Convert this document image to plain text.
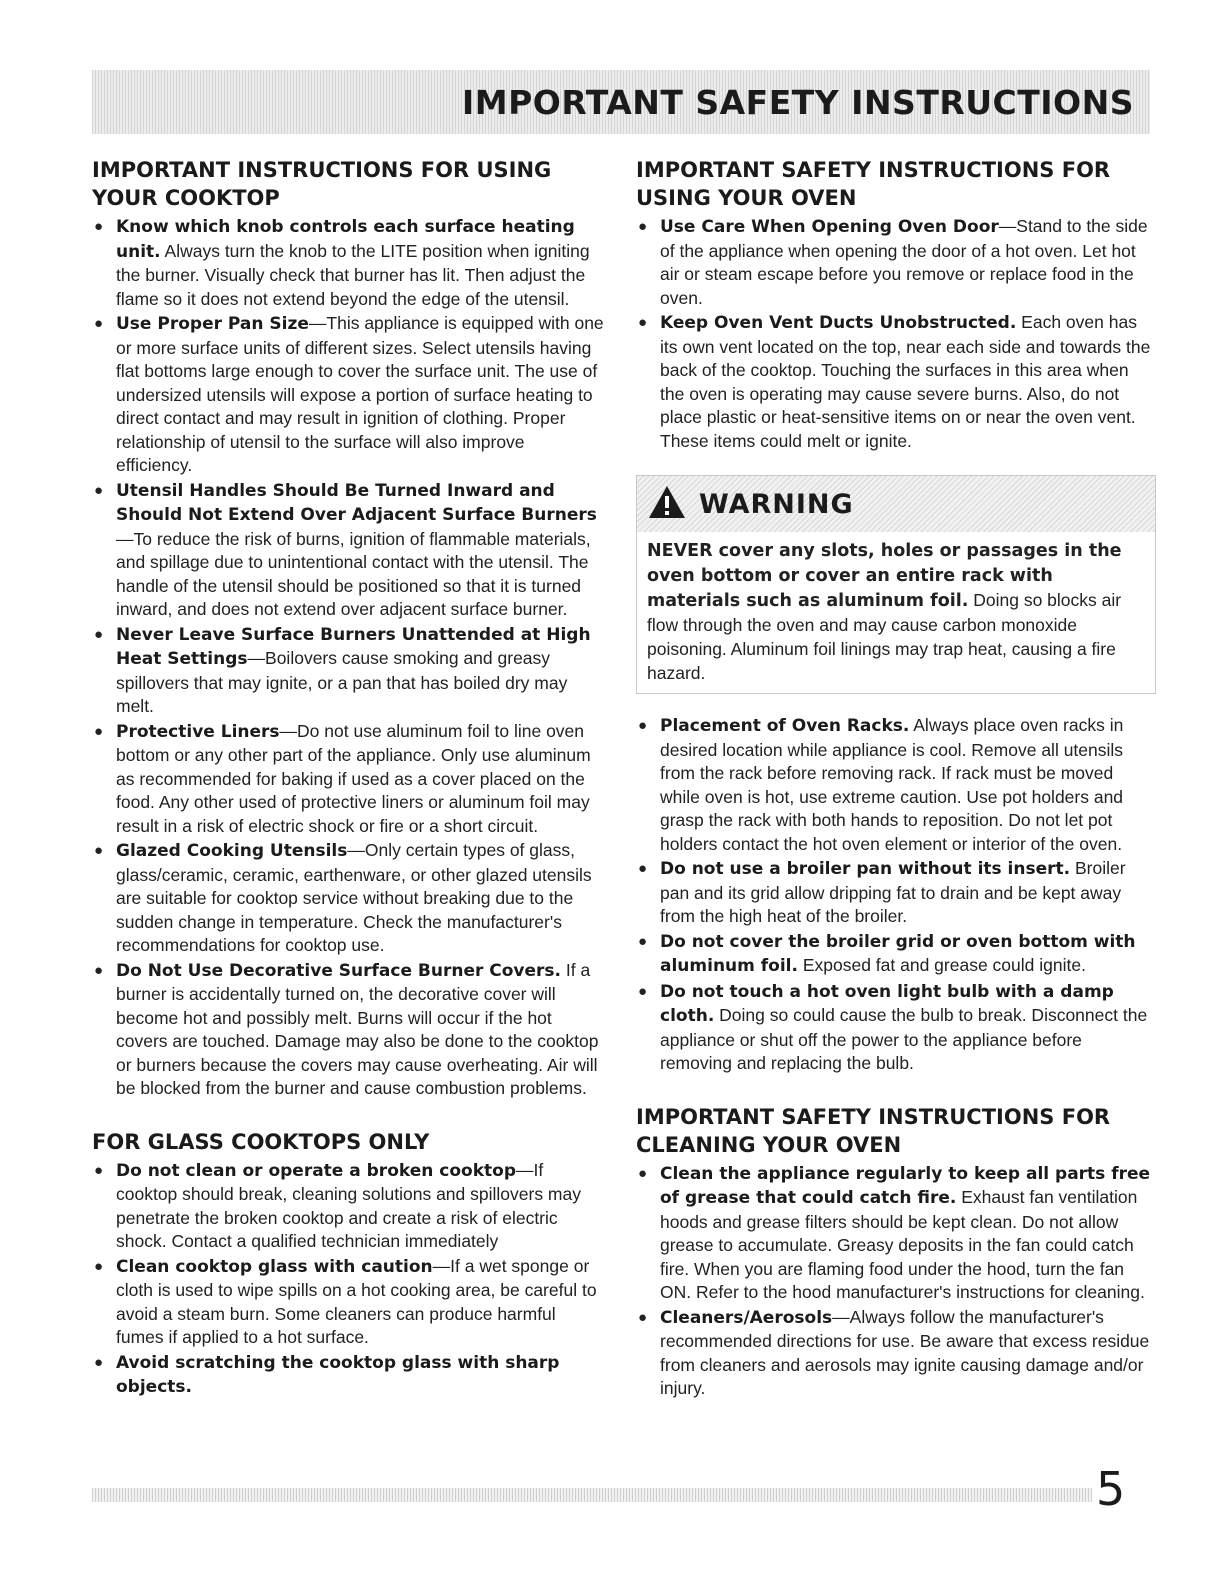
IMPORTANT SAFETY INSTRUCTIONS
IMPORTANT INSTRUCTIONS FOR USING YOUR COOKTOP
● Know which knob controls each surface heating unit. Always turn the knob to the LITE position when igniting the burner. Visually check that burner has lit. Then adjust the flame so it does not extend beyond the edge of the utensil.
● Use Proper Pan Size—This appliance is equipped with one or more surface units of different sizes. Select utensils having flat bottoms large enough to cover the surface unit. The use of undersized utensils will expose a portion of surface heating to direct contact and may result in ignition of clothing. Proper relationship of utensil to the surface will also improve efficiency.
● Utensil Handles Should Be Turned Inward and Should Not Extend Over Adjacent Surface Burners—To reduce the risk of burns, ignition of flammable materials, and spillage due to unintentional contact with the utensil. The handle of the utensil should be positioned so that it is turned inward, and does not extend over adjacent surface burner.
● Never Leave Surface Burners Unattended at High Heat Settings—Boilovers cause smoking and greasy spillovers that may ignite, or a pan that has boiled dry may melt.
● Protective Liners—Do not use aluminum foil to line oven bottom or any other part of the appliance. Only use aluminum as recommended for baking if used as a cover placed on the food. Any other used of protective liners or aluminum foil may result in a risk of electric shock or fire or a short circuit.
● Glazed Cooking Utensils—Only certain types of glass, glass/ceramic, ceramic, earthenware, or other glazed utensils are suitable for cooktop service without breaking due to the sudden change in temperature. Check the manufacturer's recommendations for cooktop use.
● Do Not Use Decorative Surface Burner Covers. If a burner is accidentally turned on, the decorative cover will become hot and possibly melt. Burns will occur if the hot covers are touched. Damage may also be done to the cooktop or burners because the covers may cause overheating. Air will be blocked from the burner and cause combustion problems.
FOR GLASS COOKTOPS ONLY
● Do not clean or operate a broken cooktop—If cooktop should break, cleaning solutions and spillovers may penetrate the broken cooktop and create a risk of electric shock. Contact a qualified technician immediately
● Clean cooktop glass with caution—If a wet sponge or cloth is used to wipe spills on a hot cooking area, be careful to avoid a steam burn. Some cleaners can produce harmful fumes if applied to a hot surface.
● Avoid scratching the cooktop glass with sharp objects.
IMPORTANT SAFETY INSTRUCTIONS FOR USING YOUR OVEN
● Use Care When Opening Oven Door—Stand to the side of the appliance when opening the door of a hot oven. Let hot air or steam escape before you remove or replace food in the oven.
● Keep Oven Vent Ducts Unobstructed. Each oven has its own vent located on the top, near each side and towards the back of the cooktop. Touching the surfaces in this area when the oven is operating may cause severe burns. Also, do not place plastic or heat-sensitive items on or near the oven vent. These items could melt or ignite.
WARNING
NEVER cover any slots, holes or passages in the oven bottom or cover an entire rack with materials such as aluminum foil. Doing so blocks air flow through the oven and may cause carbon monoxide poisoning. Aluminum foil linings may trap heat, causing a fire hazard.
● Placement of Oven Racks. Always place oven racks in desired location while appliance is cool. Remove all utensils from the rack before removing rack. If rack must be moved while oven is hot, use extreme caution. Use pot holders and grasp the rack with both hands to reposition. Do not let pot holders contact the hot oven element or interior of the oven.
● Do not use a broiler pan without its insert. Broiler pan and its grid allow dripping fat to drain and be kept away from the high heat of the broiler.
● Do not cover the broiler grid or oven bottom with aluminum foil. Exposed fat and grease could ignite.
● Do not touch a hot oven light bulb with a damp cloth. Doing so could cause the bulb to break. Disconnect the appliance or shut off the power to the appliance before removing and replacing the bulb.
IMPORTANT SAFETY INSTRUCTIONS FOR CLEANING YOUR OVEN
● Clean the appliance regularly to keep all parts free of grease that could catch fire. Exhaust fan ventilation hoods and grease filters should be kept clean. Do not allow grease to accumulate. Greasy deposits in the fan could catch fire. When you are flaming food under the hood, turn the fan ON. Refer to the hood manufacturer's instructions for cleaning.
● Cleaners/Aerosols—Always follow the manufacturer's recommended directions for use. Be aware that excess residue from cleaners and aerosols may ignite causing damage and/or injury.
5
